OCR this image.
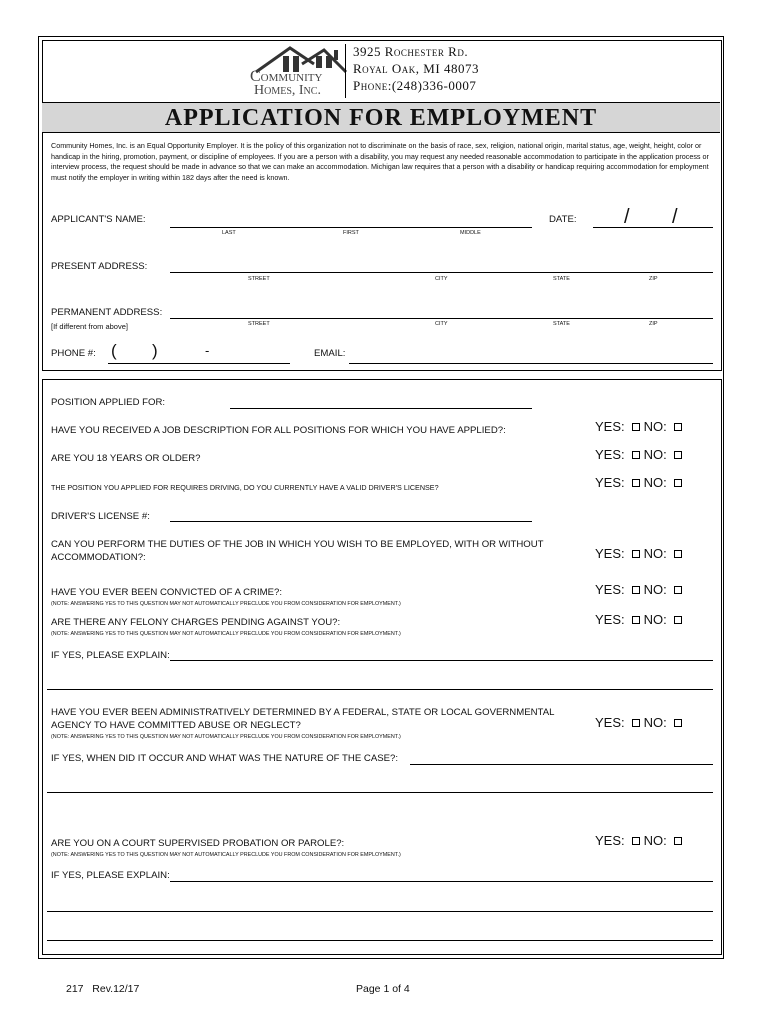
Community
Homes, Inc.
3925 Rochester Rd.
Royal Oak, MI 48073
Phone:(248)336-0007
APPLICATION FOR EMPLOYMENT
Community Homes, Inc. is an Equal Opportunity Employer. It is the policy of this organization not to discriminate on the basis of race, sex, religion, national origin, marital status, age, weight, height, color or handicap in the hiring, promotion, payment, or discipline of employees. If you are a person with a disability, you may request any needed reasonable accommodation to participate in the application process or interview process, the request should be made in advance so that we can make an accommodation. Michigan law requires that a person with a disability or handicap requiring accommodation for employment must notify the employer in writing within 182 days after the need is known.
APPLICANT'S NAME:
LAST	FIRST	MIDDLE
DATE: / /
PRESENT ADDRESS:
STREET	CITY	STATE	ZIP
PERMANENT ADDRESS:
[If different from above]	STREET	CITY	STATE	ZIP
PHONE #: ( )	-	EMAIL:
POSITION APPLIED FOR:
HAVE YOU RECEIVED A JOB DESCRIPTION FOR ALL POSITIONS FOR WHICH YOU HAVE APPLIED?:	YES: NO:
ARE YOU 18 YEARS OR OLDER?	YES: NO:
THE POSITION YOU APPLIED FOR REQUIRES DRIVING, DO YOU CURRENTLY HAVE A VALID DRIVER'S LICENSE?	YES: NO:
DRIVER'S LICENSE #:
CAN YOU PERFORM THE DUTIES OF THE JOB IN WHICH YOU WISH TO BE EMPLOYED, WITH OR WITHOUT
ACCOMMODATION?:	YES: NO:
HAVE YOU EVER BEEN CONVICTED OF A CRIME?:
(NOTE: ANSWERING YES TO THIS QUESTION MAY NOT AUTOMATICALLY PRECLUDE YOU FROM CONSIDERATION FOR EMPLOYMENT.)
YES: NO:
ARE THERE ANY FELONY CHARGES PENDING AGAINST YOU?:
(NOTE: ANSWERING YES TO THIS QUESTION MAY NOT AUTOMATICALLY PRECLUDE YOU FROM CONSIDERATION FOR EMPLOYMENT.)
YES: NO:
IF YES, PLEASE EXPLAIN:
HAVE YOU EVER BEEN ADMINISTRATIVELY DETERMINED BY A FEDERAL, STATE OR LOCAL GOVERNMENTAL
AGENCY TO HAVE COMMITTED ABUSE OR NEGLECT?
(NOTE: ANSWERING YES TO THIS QUESTION MAY NOT AUTOMATICALLY PRECLUDE YOU FROM CONSIDERATION FOR EMPLOYMENT.)
YES: NO:
IF YES, WHEN DID IT OCCUR AND WHAT WAS THE NATURE OF THE CASE?:
ARE YOU ON A COURT SUPERVISED PROBATION OR PAROLE?:
(NOTE: ANSWERING YES TO THIS QUESTION MAY NOT AUTOMATICALLY PRECLUDE YOU FROM CONSIDERATION FOR EMPLOYMENT.)
YES: NO:
IF YES, PLEASE EXPLAIN:
217   Rev.12/17	Page 1 of 4
